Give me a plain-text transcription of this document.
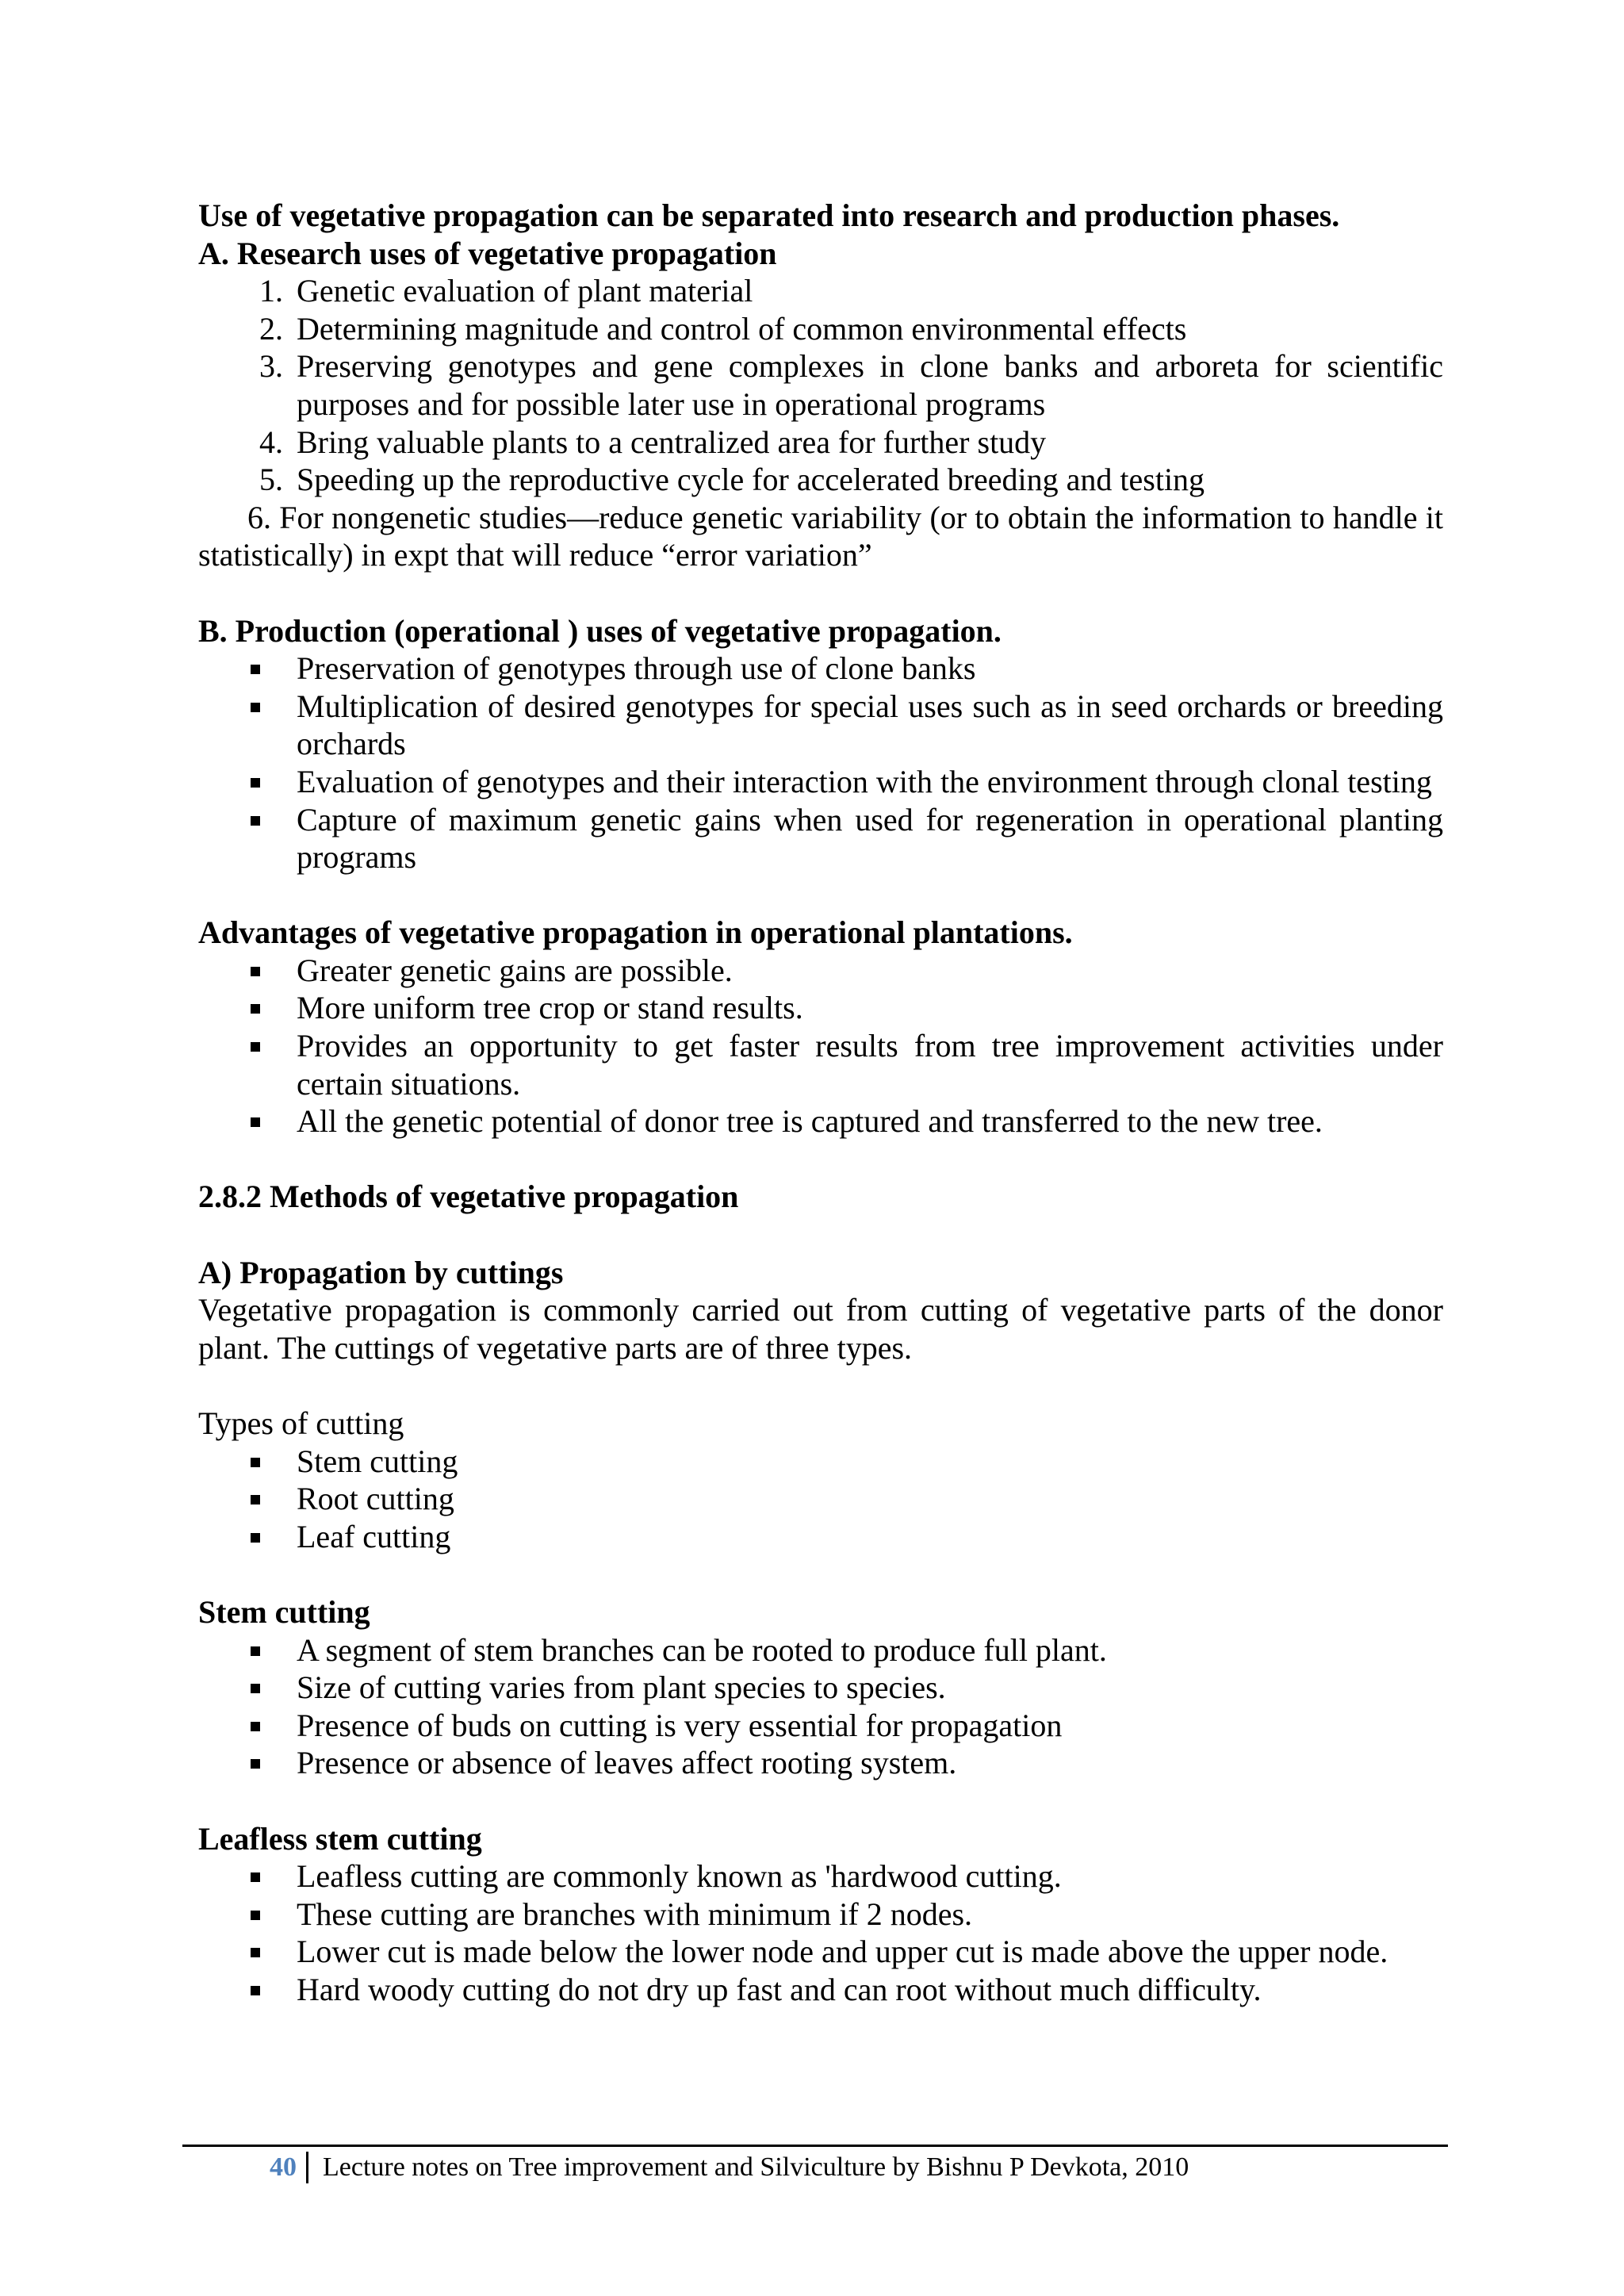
Use of vegetative propagation can be separated into research and production phases.

A. Research uses of vegetative propagation

1. Genetic evaluation of plant material
2. Determining magnitude and control of common environmental effects
3. Preserving genotypes and gene complexes in clone banks and arboreta for scientific purposes and for possible later use in operational programs
4. Bring valuable plants to a centralized area for further study
5. Speeding up the reproductive cycle for accelerated breeding and testing

6. For nongenetic studies—reduce genetic variability (or to obtain the information to handle it statistically) in expt that will reduce “error variation”

B. Production (operational ) uses of vegetative propagation.

Preservation of genotypes through use of clone banks
Multiplication of desired genotypes for special uses such as in seed orchards or breeding orchards
Evaluation of genotypes and their interaction with the environment through clonal testing
Capture of maximum genetic gains when used for regeneration in operational planting programs

Advantages of vegetative propagation in operational plantations.

Greater genetic gains are possible.
More uniform tree crop or stand results.
Provides an opportunity to get faster results from tree improvement activities under certain situations.
All the genetic potential of donor tree is captured and transferred to the new tree.

2.8.2 Methods of vegetative propagation

A) Propagation by cuttings

Vegetative propagation is commonly carried out from cutting of vegetative parts of the donor plant. The cuttings of vegetative parts are of three types.

Types of cutting

Stem cutting
Root cutting
Leaf cutting

Stem cutting

A segment of stem branches can be rooted to produce full plant.
Size of cutting varies from plant species to species.
Presence of buds on cutting is very essential for propagation
Presence or absence of leaves affect rooting system.

Leafless stem cutting

Leafless cutting are commonly known as 'hardwood cutting.
These cutting are branches with minimum if 2 nodes.
Lower cut is made below the lower node and upper cut is made above the upper node.
Hard woody cutting do not dry up fast and can root without much difficulty.
40 Lecture notes on Tree improvement and Silviculture by Bishnu P Devkota, 2010
